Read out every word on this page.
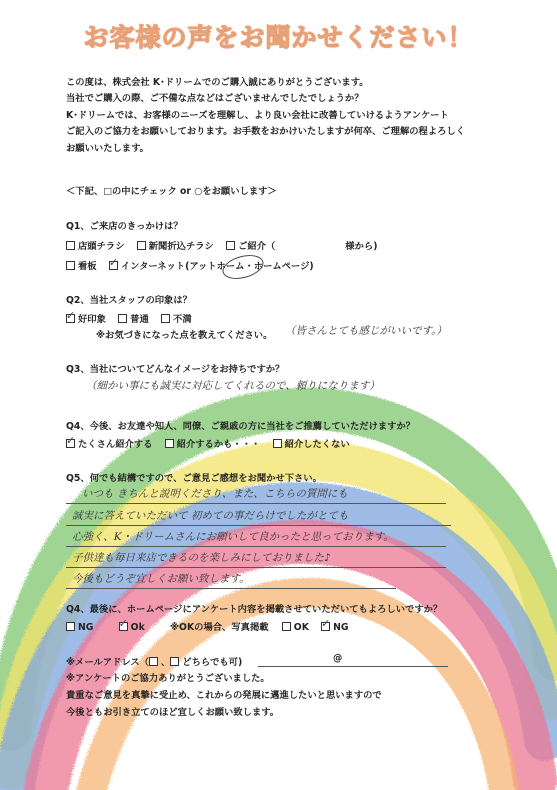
お客様の声をお聞かせください！
この度は、株式会社 K･ドリームでのご購入誠にありがとうございます。
当社でご購入の際、ご不備な点などはございませんでしたでしょうか？
K･ドリームでは、お客様のニーズを理解し、より良い会社に改善していけるようアンケート
ご記入のご協力をお願いしております。お手数をおかけいたしますが何卒、ご理解の程よろしく
お願いいたします。
＜下記、□の中にチェック or ○をお願いします＞
Q1、ご来店のきっかけは？
店頭チラシ	新聞折込チラシ	ご紹介（	様から)
看板 ✓	インターネット(アットホーム・ホームページ)
Q2、当社スタッフの印象は？
✓好印象	普通	不満
※お気づきになった点を教えてください。 （皆さんとても感じがいいです。）
Q3、当社についてどんなイメージをお持ちですか？
（細かい事にも誠実に対応してくれるので、頼りになります）
Q4、今後、お友達や知人、同僚、ご親戚の方に当社をご推薦していただけますか？
✓たくさん紹介する	紹介するかも・・・	紹介したくない
Q5、何でも結構ですので、ご意見ご感想をお聞かせ下さい。
いつも きちんと説明くださり、また、こちらの質問にも
誠実に答えていただいて 初めての事だらけでしたがとても
心強く、K・ドリームさんにお願いして良かったと思っております。
子供達も毎日来店できるのを楽しみにしておりました♪
今後もどうぞ宜しくお願い致します。
Q4、最後に、ホームページにアンケート内容を掲載させていただいてもよろしいですか？
NG ✓	Ok	※OKの場合、写真掲載	OK ✓	NG
※メールアドレス（ 、 どちらでも可)	@
※アンケートのご協力ありがとうございました。
貴重なご意見を真摯に受止め、これからの発展に邁進したいと思いますので
今後ともお引き立てのほど宜しくお願い致します。
